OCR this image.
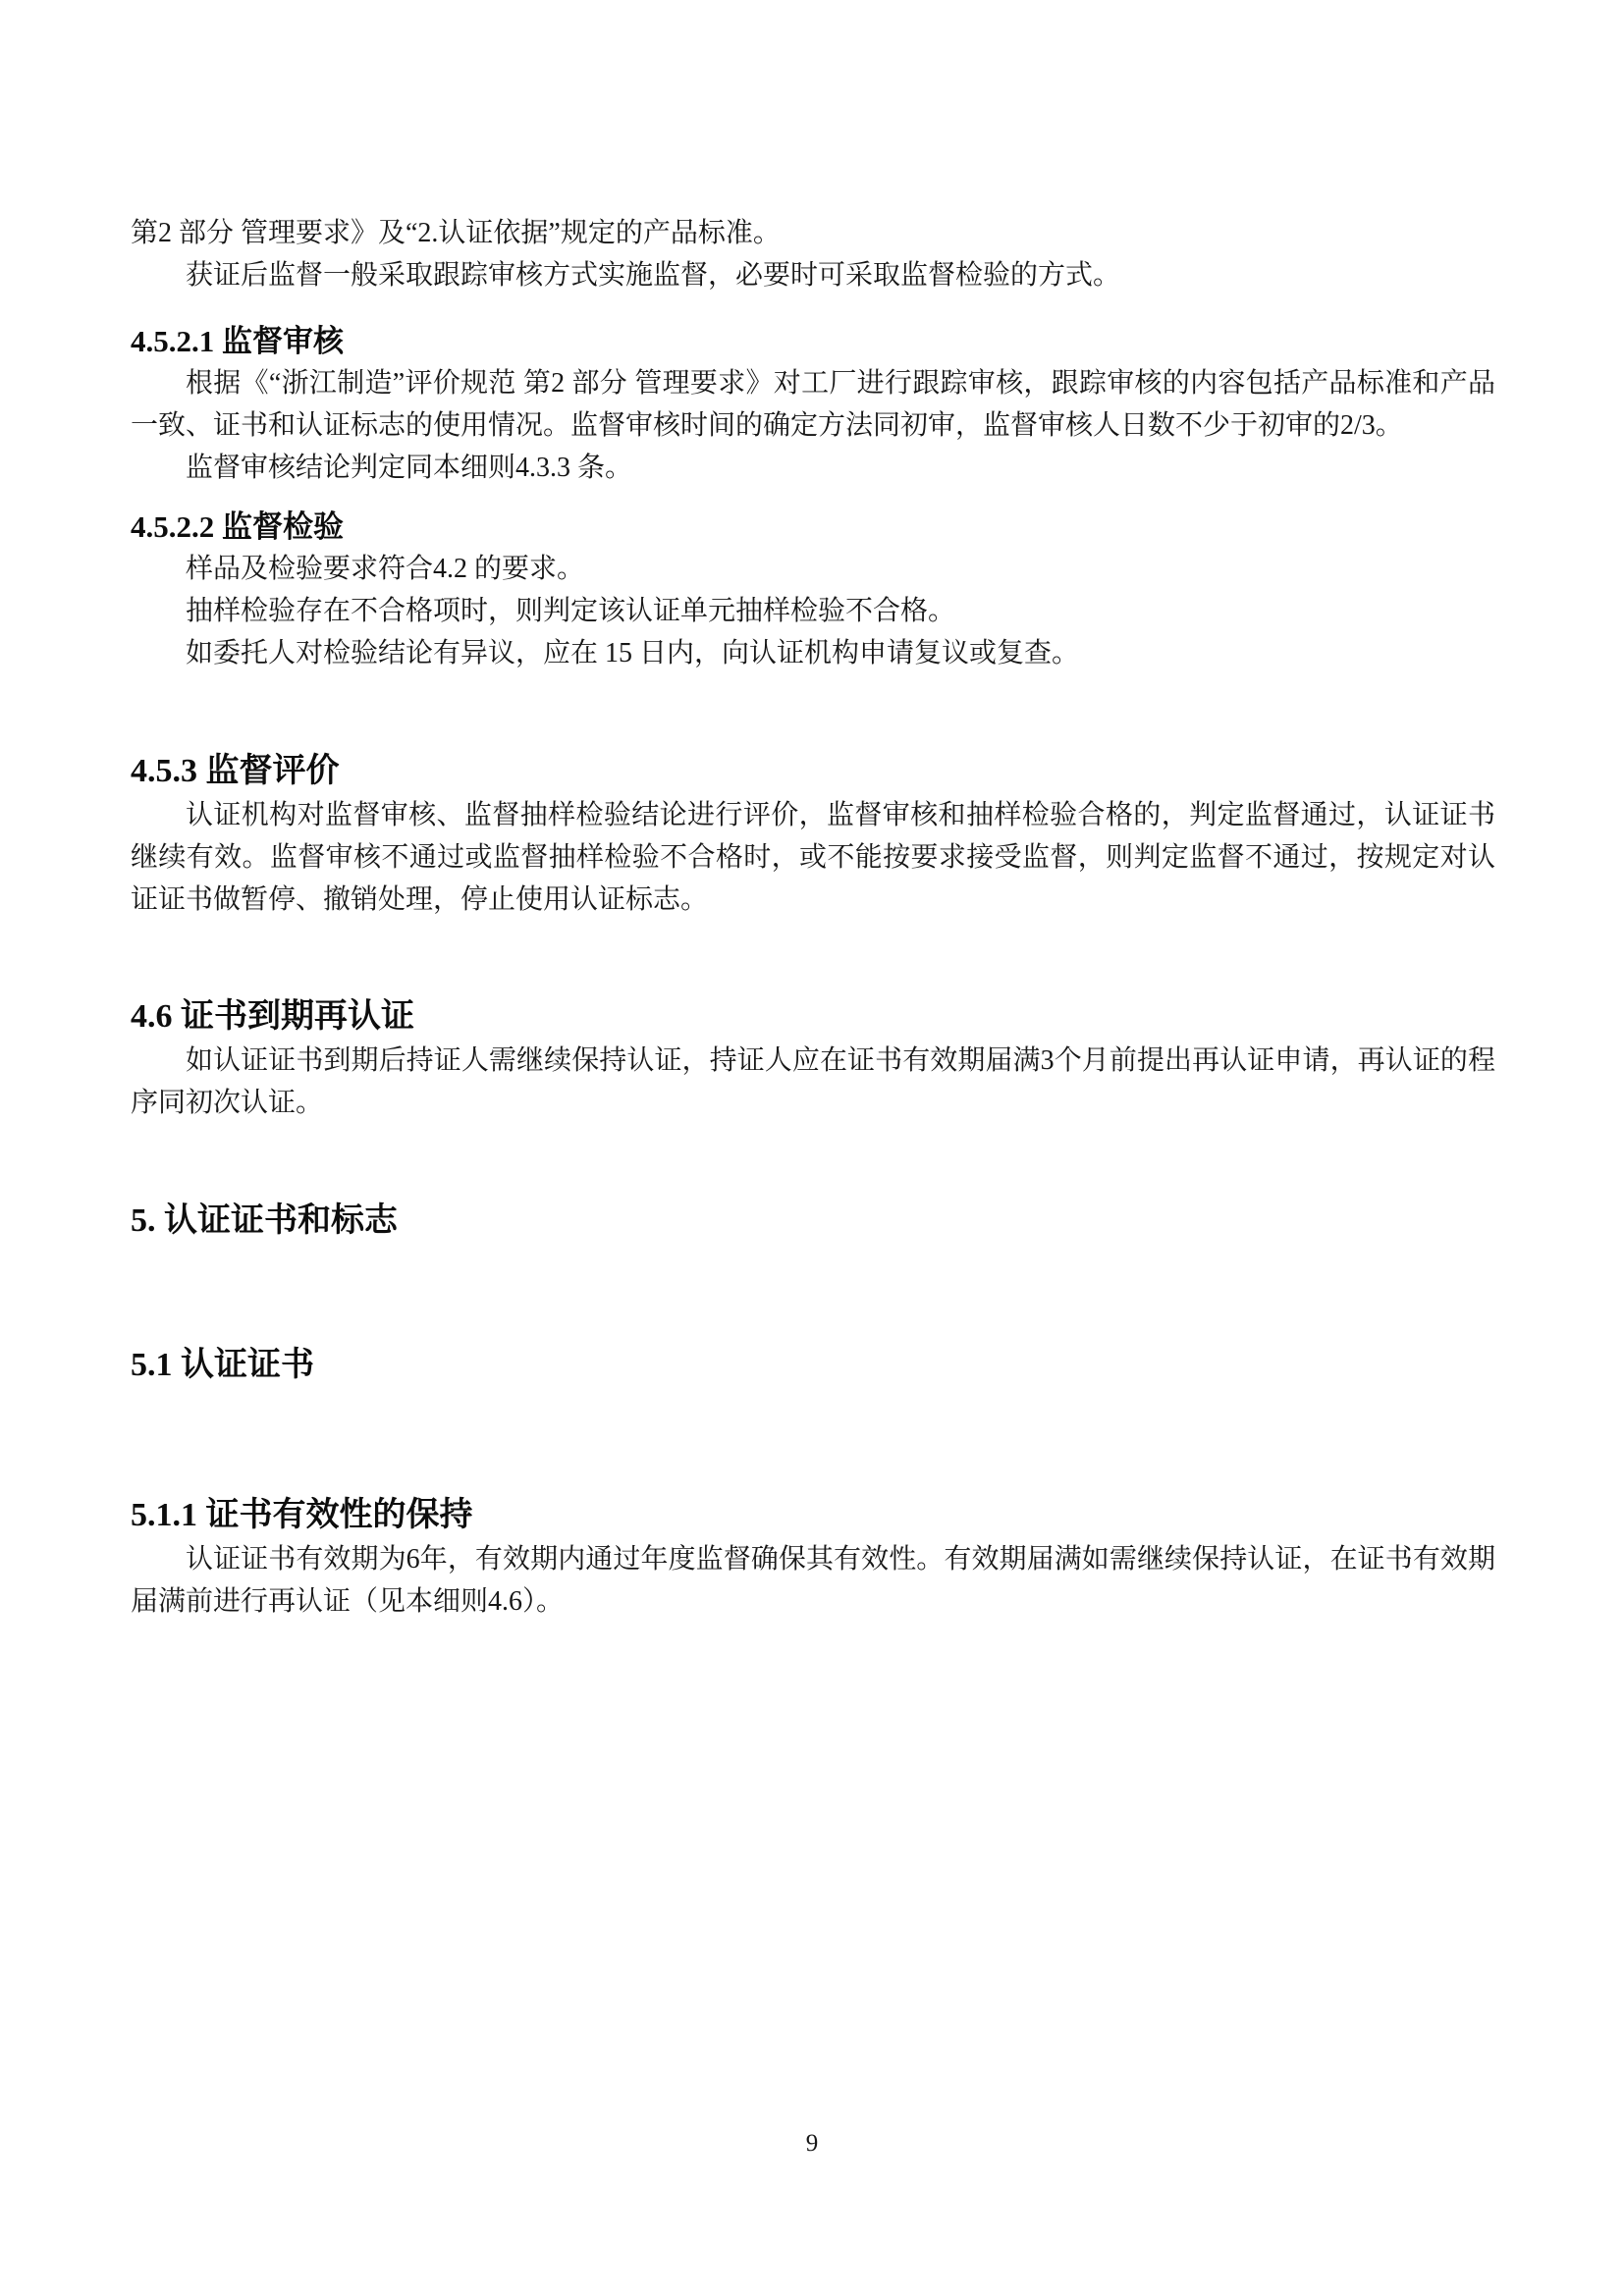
第2 部分 管理要求》及“2.认证依据”规定的产品标准。

获证后监督一般采取跟踪审核方式实施监督，必要时可采取监督检验的方式。

4.5.2.1 监督审核

根据《“浙江制造”评价规范 第2 部分 管理要求》对工厂进行跟踪审核，跟踪审核的内容包括产品标准和产品一致、证书和认证标志的使用情况。监督审核时间的确定方法同初审，监督审核人日数不少于初审的2/3。

监督审核结论判定同本细则4.3.3 条。

4.5.2.2 监督检验

样品及检验要求符合4.2 的要求。

抽样检验存在不合格项时，则判定该认证单元抽样检验不合格。

如委托人对检验结论有异议，应在 15 日内，向认证机构申请复议或复查。

4.5.3 监督评价

认证机构对监督审核、监督抽样检验结论进行评价，监督审核和抽样检验合格的，判定监督通过，认证证书继续有效。监督审核不通过或监督抽样检验不合格时，或不能按要求接受监督，则判定监督不通过，按规定对认证证书做暂停、撤销处理，停止使用认证标志。

4.6 证书到期再认证

如认证证书到期后持证人需继续保持认证，持证人应在证书有效期届满3个月前提出再认证申请，再认证的程序同初次认证。

5. 认证证书和标志
5.1 认证证书
5.1.1 证书有效性的保持

认证证书有效期为6年，有效期内通过年度监督确保其有效性。有效期届满如需继续保持认证，在证书有效期届满前进行再认证（见本细则4.6）。

9
